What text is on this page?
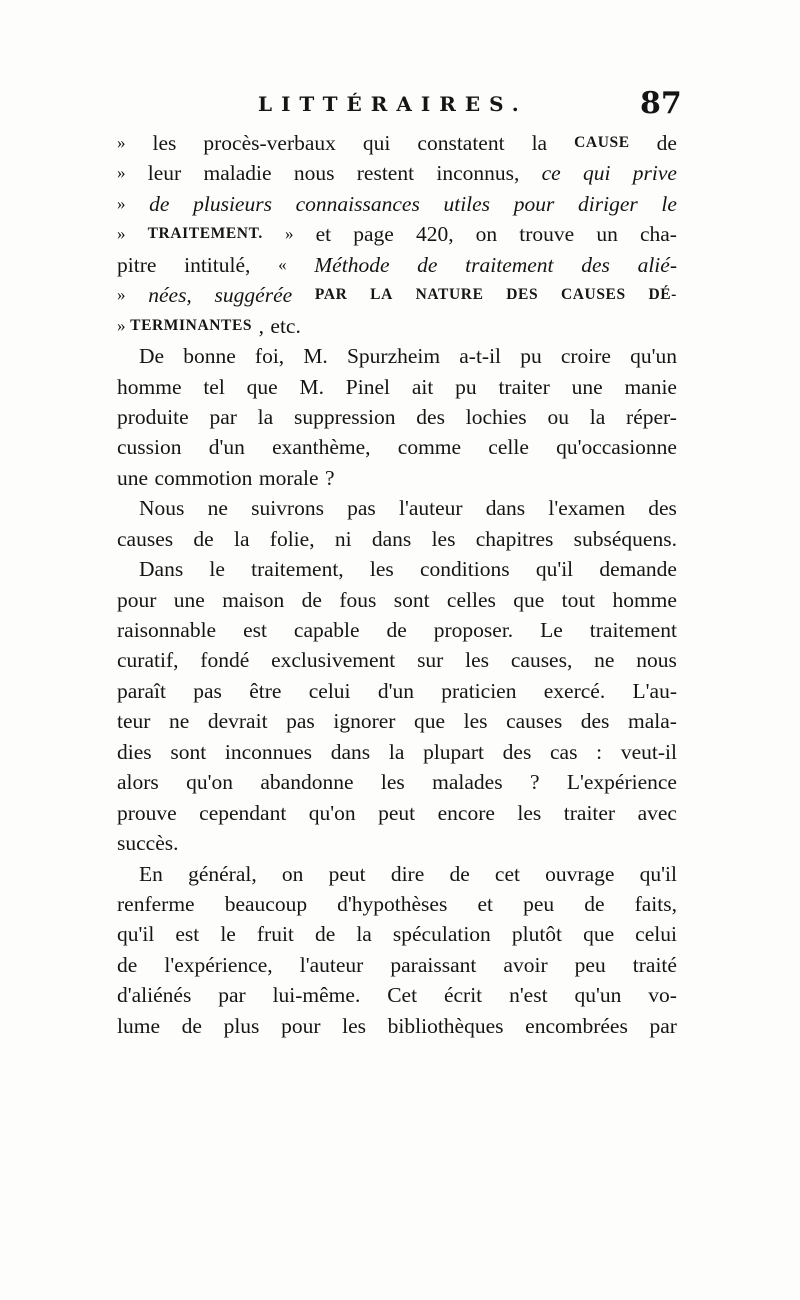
LITTÉRAIRES.	87
» les procès-verbaux qui constatent la CAUSE de
» leur maladie nous restent inconnus, ce qui prive
» de plusieurs connaissances utiles pour diriger le
» TRAITEMENT. » et page 420, on trouve un cha-
pitre intitulé, « Méthode de traitement des alié-
» nées, suggérée PAR LA NATURE DES CAUSES DÉ-
» TERMINANTES , etc.
De bonne foi, M. Spurzheim a-t-il pu croire qu'un
homme tel que M. Pinel ait pu traiter une manie
produite par la suppression des lochies ou la réper-
cussion d'un exanthème, comme celle qu'occasionne
une commotion morale ?
Nous ne suivrons pas l'auteur dans l'examen des
causes de la folie, ni dans les chapitres subséquens.
Dans le traitement, les conditions qu'il demande
pour une maison de fous sont celles que tout homme
raisonnable est capable de proposer. Le traitement
curatif, fondé exclusivement sur les causes, ne nous
paraît pas être celui d'un praticien exercé. L'au-
teur ne devrait pas ignorer que les causes des mala-
dies sont inconnues dans la plupart des cas : veut-il
alors qu'on abandonne les malades ? L'expérience
prouve cependant qu'on peut encore les traiter avec
succès.
En général, on peut dire de cet ouvrage qu'il
renferme beaucoup d'hypothèses et peu de faits,
qu'il est le fruit de la spéculation plutôt que celui
de l'expérience, l'auteur paraissant avoir peu traité
d'aliénés par lui-même. Cet écrit n'est qu'un vo-
lume de plus pour les bibliothèques encombrées par
